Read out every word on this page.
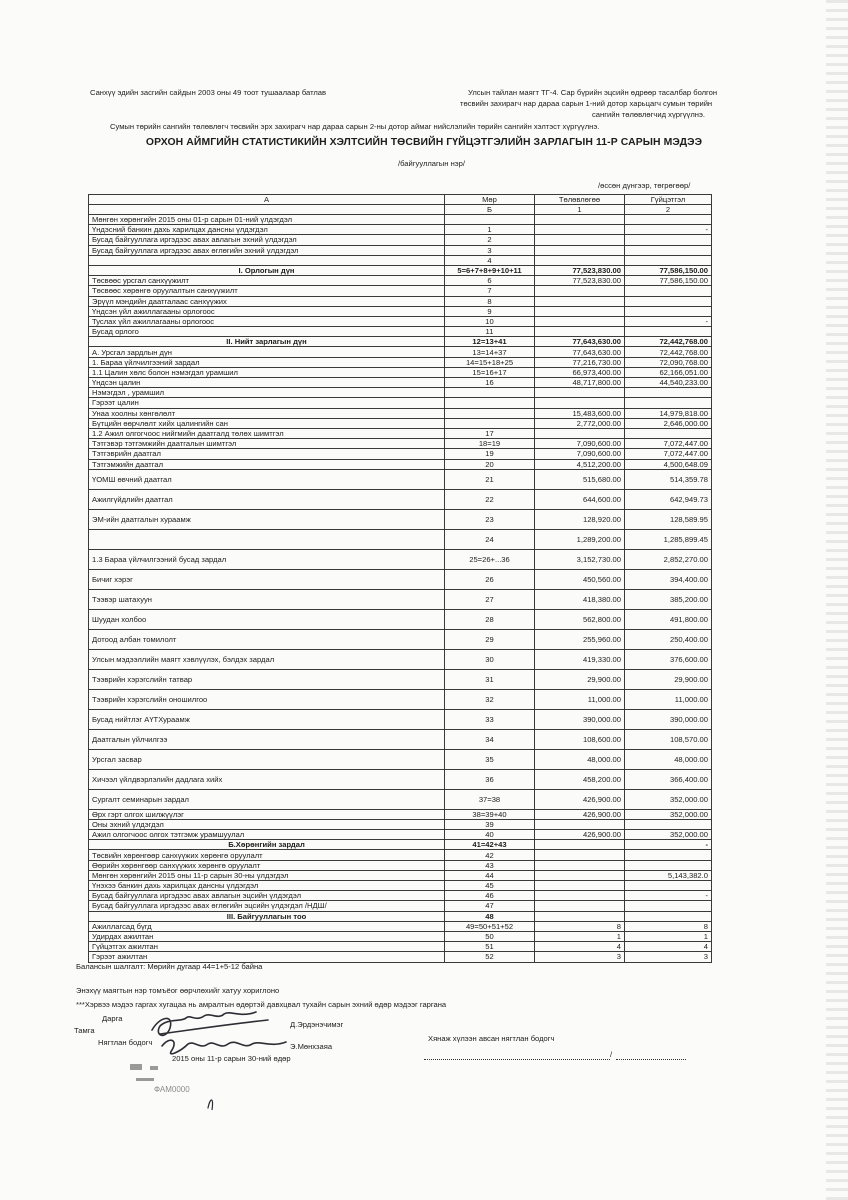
Санхүү эдийн засгийн сайдын 2003 оны 49 тоот тушаалаар батлав	Улсын тайлан маягт ТГ-4. Сар бүрийн эцсийн өдрөөр тасалбар болгон
төсвийн захирагч нар дараа сарын 1-ний дотор харьцагч сумын төрийн
сангийн төлөвлөгчид хүргүүлнэ.
Сумын төрийн сангийн төлөвлөгч төсвийн эрх захирагч нар дараа сарын 2-ны дотор аймаг нийслэлийн төрийн сангийн хэлтэст хүргүүлнэ.
ОРХОН АЙМГИЙН СТАТИСТИКИЙН ХЭЛТСИЙН ТӨСВИЙН ГҮЙЦЭТГЭЛИЙН ЗАРЛАГЫН 11-Р САРЫН МЭДЭЭ
/байгууллагын нэр/
/өссөн дүнгээр, төгрөгөөр/
А	Мөр	Төлөвлөгөө	Гүйцэтгэл
	Б	1	2
Мөнгөн хөрөнгийн 2015 оны 01-р сарын 01-ний үлдэгдэл			
Үндэсний банкин дахь харилцах дансны үлдэгдэл	1		-
Бусад байгууллага иргэдээс авах авлагын эхний үлдэгдэл	2		
Бусад байгууллага иргэдээс авах өглөгийн эхний үлдэгдэл	3		
	4		
I. Орлогын дүн	5=6+7+8+9+10+11	77,523,830.00	77,586,150.00
Төсвөөс урсгал санхүүжилт	6	77,523,830.00	77,586,150.00
Төсвөөс хөрөнгө оруулалтын санхүүжилт	7		
Эрүүл мэндийн даатгалаас санхүүжих	8		
Үндсэн үйл ажиллагааны орлогоос	9		
Туслах үйл ажиллагааны орлогоос	10		-
Бусад орлого	11		
II. Нийт зарлагын дүн	12=13+41	77,643,630.00	72,442,768.00
А. Урсгал зардлын дүн	13=14+37	77,643,630.00	72,442,768.00
1. Бараа үйлчилгээний зардал	14=15+18+25	77,216,730.00	72,090,768.00
1.1 Цалин хөлс болон нэмэгдэл урамшил	15=16+17	66,973,400.00	62,166,051.00
Үндсэн цалин	16	48,717,800.00	44,540,233.00
Нэмэгдэл , урамшил			
Гэрээт цалин			
Унаа хоолны хөнгөлөлт		15,483,600.00	14,979,818.00
Бүтцийн өөрчлөлт хийх цалингийн сан		2,772,000.00	2,646,000.00
1.2 Ажил олгогчоос нийгмийн даатгалд төлөх шимтгэл	17		
Тэтгэвэр тэтгэмжийн даатгалын шимтгэл	18=19	7,090,600.00	7,072,447.00
Тэтгэврийн даатгал	19	7,090,600.00	7,072,447.00
Тэтгэмжийн даатгал	20	4,512,200.00	4,500,648.09
ҮОМШ өвчний даатгал	21	515,680.00	514,359.78
Ажилгүйдлийн даатгал	22	644,600.00	642,949.73
ЭМ-ийн даатгалын хураамж	23	128,920.00	128,589.95
	24	1,289,200.00	1,285,899.45
1.3 Бараа үйлчилгээний бусад зардал	25=26+...36	3,152,730.00	2,852,270.00
Бичиг хэрэг	26	450,560.00	394,400.00
Тээвэр шатахуун	27	418,380.00	385,200.00
Шуудан холбоо	28	562,800.00	491,800.00
Дотоод албан томилолт	29	255,960.00	250,400.00
Улсын мэдээллийн маягт хэвлүүлэх, бэлдэх зардал	30	419,330.00	376,600.00
Тээврийн хэрэгслийн татвар	31	29,900.00	29,900.00
Тээврийн хэрэгслийн оношилгоо	32	11,000.00	11,000.00
Бусад нийтлэг АҮТХураамж	33	390,000.00	390,000.00
Даатгалын үйлчилгээ	34	108,600.00	108,570.00
Урсгал засвар	35	48,000.00	48,000.00
Хичээл үйлдвэрлэлийн дадлага хийх	36	458,200.00	366,400.00
Сургалт семинарын зардал	37=38	426,900.00	352,000.00
Өрх гэрт олгох шилжүүлэг	38=39+40	426,900.00	352,000.00
Оны эхний үлдэгдэл	39		
Ажил олгогчоос олгох тэтгэмж урамшуулал	40	426,900.00	352,000.00
Б.Хөрөнгийн зардал	41=42+43		-
Төсвийн хөрөнгөөр санхүүжих хөрөнгө оруулалт	42		
Өөрийн хөрөнгөөр санхүүжих хөрөнгө оруулалт	43		
Мөнгөн хөрөнгийн 2015 оны 11-р сарын 30-ны үлдэгдэл	44		5,143,382.0
Үнэхээ банкин дахь харилцах дансны үлдэгдэл	45		
Бусад байгууллага иргэдээс авах авлагын эцсийн үлдэгдэл	46		-
Бусад байгууллага иргэдээс авах өглөгийн эцсийн үлдэгдэл /НДШ/	47		
III. Байгууллагын тоо	48		
Ажиллагсад бүгд	49=50+51+52	8	8
Удирдах ажилтан	50	1	1
Гүйцэтгэх ажилтан	51	4	4
Гэрээт ажилтан	52	3	3
Балансын шалгалт: Мөрийн дугаар 44=1+5-12 байна
Энэхүү маягтын нэр томъёог өөрчлөхийг хатуу хориглоно
***Хэрвээ мэдээ гаргах хугацаа нь амралтын өдөртэй давхцвал тухайн сарын эхний өдөр мэдээг гаргана
Дарга
Д.Эрдэнэчимэг
Тамга
Нягтлан бодогч	Э.Мөнхзаяа
2015 оны 11-р сарын 30-ний өдөр
Хянаж хүлээн авсан нягтлан бодогч
/
ФАМ0000
